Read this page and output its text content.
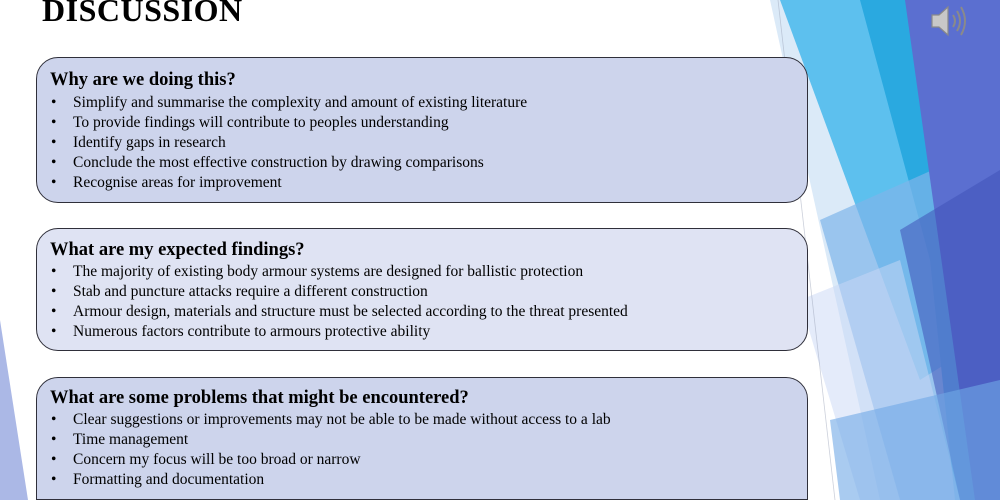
DISCUSSION
Why are we doing this?
• Simplify and summarise the complexity and amount of existing literature
• To provide findings will contribute to peoples understanding
• Identify gaps in research
• Conclude the most effective construction by drawing comparisons
• Recognise areas for improvement
What are my expected findings?
• The majority of existing body armour systems are designed for ballistic protection
• Stab and puncture attacks require a different construction
• Armour design, materials and structure must be selected according to the threat presented
• Numerous factors contribute to armours protective ability
What are some problems that might be encountered?
• Clear suggestions or improvements may not be able to be made without access to a lab
• Time management
• Concern my focus will be too broad or narrow
• Formatting and documentation
